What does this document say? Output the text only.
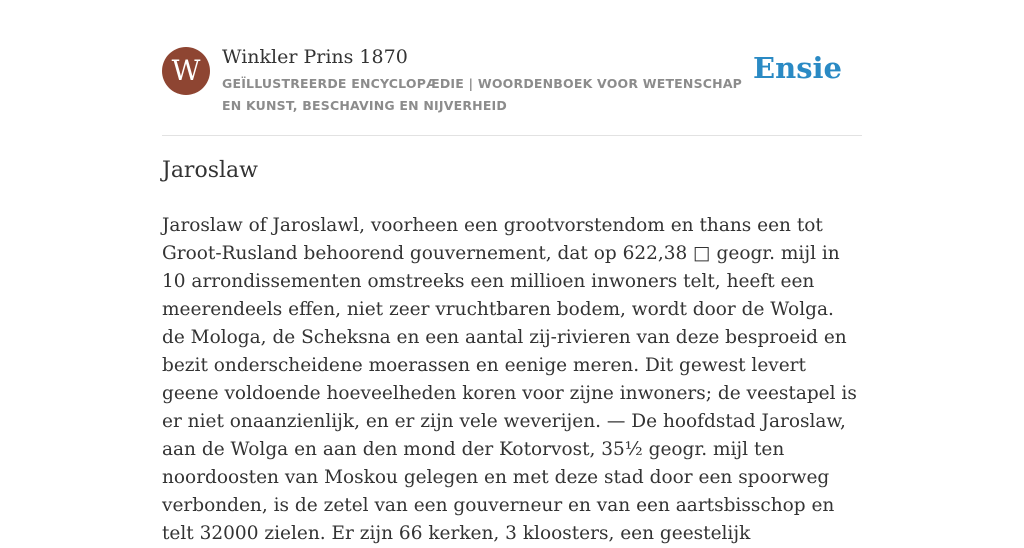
W	Winkler Prins 1870
GEÏLLUSTREERDE ENCYCLOPÆDIE | WOORDENBOEK VOOR WETENSCHAP EN KUNST, BESCHAVING EN NIJVERHEID
Ensie
Jaroslaw

Jaroslaw of Jaroslawl, voorheen een grootvorstendom en thans een tot Groot-Rusland behoorend gouvernement, dat op 622,38 □ geogr. mijl in 10 arrondissementen omstreeks een millioen inwoners telt, heeft een meerendeels effen, niet zeer vruchtbaren bodem, wordt door de Wolga. de Mologa, de Scheksna en een aantal zij-rivieren van deze besproeid en bezit onderscheidene moerassen en eenige meren. Dit gewest levert geene voldoende hoeveelheden koren voor zijne inwoners; de veestapel is er niet onaanzienlijk, en er zijn vele weverijen. — De hoofdstad Jaroslaw, aan de Wolga en aan den mond der Kotorvost, 35½ geogr. mijl ten noordoosten van Moskou gelegen en met deze stad door een spoorweg verbonden, is de zetel van een gouverneur en van een aartsbisschop en telt 32000 zielen. Er zijn 66 kerken, 3 kloosters, een geestelijk
